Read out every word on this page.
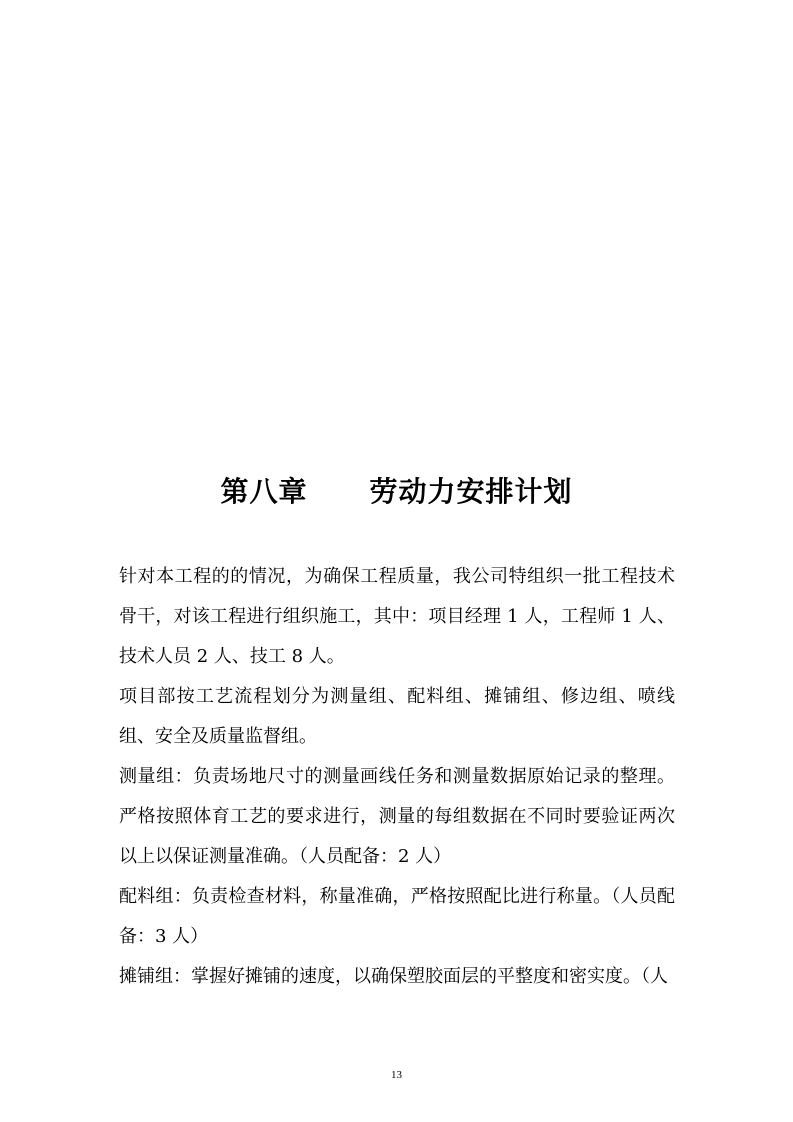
第八章 劳动力安排计划

针对本工程的的情况，为确保工程质量，我公司特组织一批工程技术骨干，对该工程进行组织施工，其中：项目经理 1 人，工程师 1 人、技术人员 2 人、技工 8 人。

项目部按工艺流程划分为测量组、配料组、摊铺组、修边组、喷线组、安全及质量监督组。

测量组：负责场地尺寸的测量画线任务和测量数据原始记录的整理。严格按照体育工艺的要求进行，测量的每组数据在不同时要验证两次以上以保证测量准确。（人员配备：2 人）

配料组：负责检查材料，称量准确，严格按照配比进行称量。（人员配备：3 人）

摊铺组：掌握好摊铺的速度，以确保塑胶面层的平整度和密实度。（人

13
